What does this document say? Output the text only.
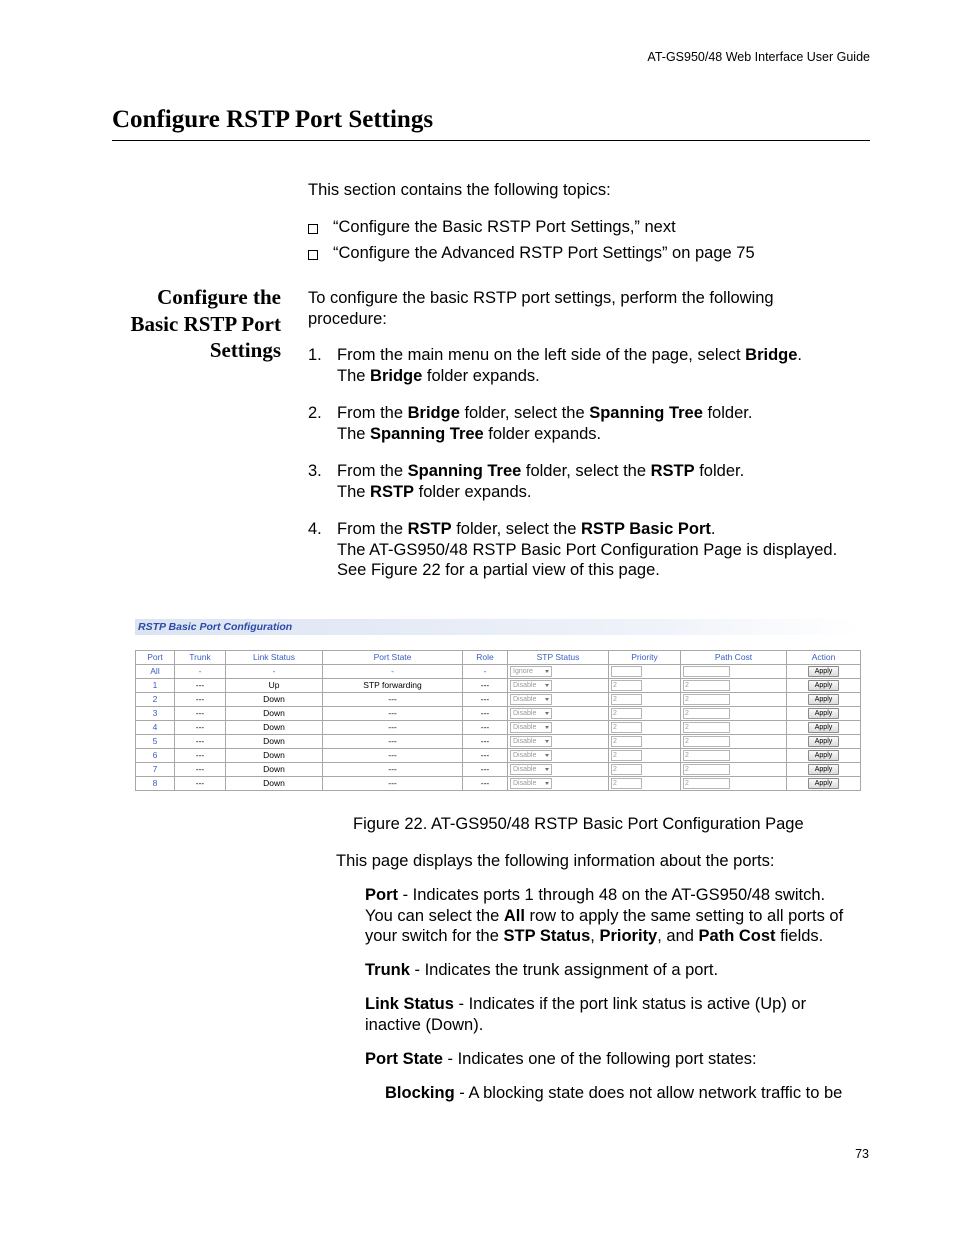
AT-GS950/48 Web Interface User Guide
Configure RSTP Port Settings
This section contains the following topics:
“Configure the Basic RSTP Port Settings,” next
“Configure the Advanced RSTP Port Settings” on page 75
Configure the
Basic RSTP Port
Settings
To configure the basic RSTP port settings, perform the following procedure:
1. From the main menu on the left side of the page, select Bridge.
The Bridge folder expands.
2. From the Bridge folder, select the Spanning Tree folder.
The Spanning Tree folder expands.
3. From the Spanning Tree folder, select the RSTP folder.
The RSTP folder expands.
4. From the RSTP folder, select the RSTP Basic Port.
The AT-GS950/48 RSTP Basic Port Configuration Page is displayed.
See Figure 22 for a partial view of this page.
RSTP Basic Port Configuration
Port	Trunk	Link Status	Port State	Role	STP Status	Priority	Path Cost	Action
All	-	-	-	-	Ignore			Apply
1	---	Up	STP forwarding	---	Disable	2	2	Apply
2	---	Down	---	---	Disable	2	2	Apply
3	---	Down	---	---	Disable	2	2	Apply
4	---	Down	---	---	Disable	2	2	Apply
5	---	Down	---	---	Disable	2	2	Apply
6	---	Down	---	---	Disable	2	2	Apply
7	---	Down	---	---	Disable	2	2	Apply
8	---	Down	---	---	Disable	2	2	Apply
Figure 22. AT-GS950/48 RSTP Basic Port Configuration Page
This page displays the following information about the ports:
Port - Indicates ports 1 through 48 on the AT-GS950/48 switch.
You can select the All row to apply the same setting to all ports of
your switch for the STP Status, Priority, and Path Cost fields.
Trunk - Indicates the trunk assignment of a port.
Link Status - Indicates if the port link status is active (Up) or
inactive (Down).
Port State - Indicates one of the following port states:
Blocking - A blocking state does not allow network traffic to be
73
